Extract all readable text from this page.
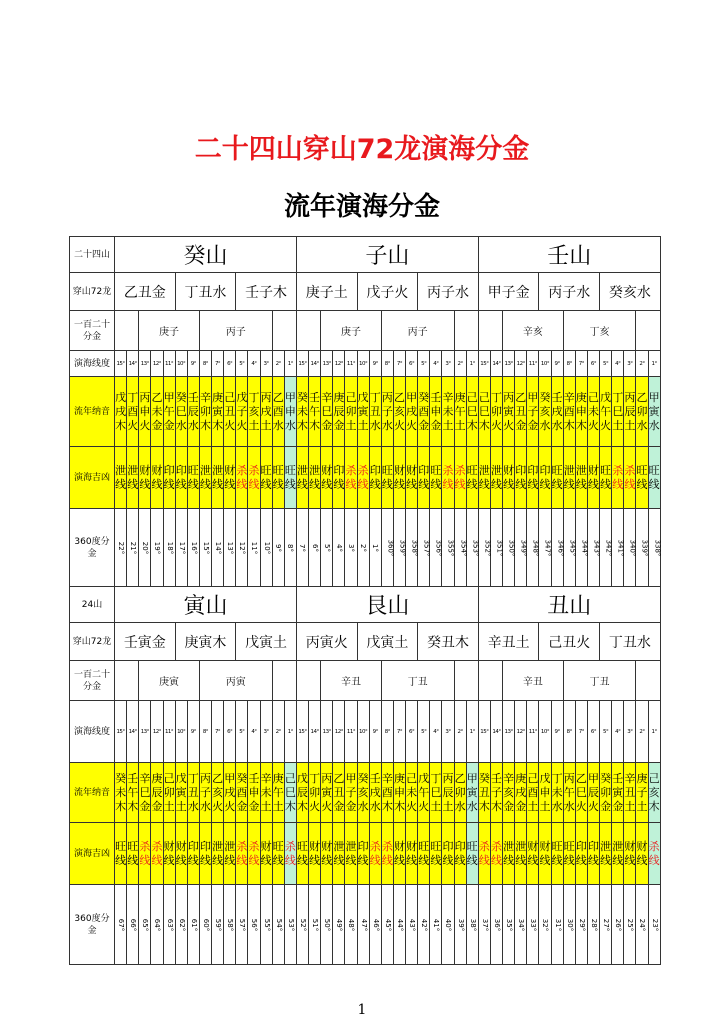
二十四山穿山72龙演海分金
流年演海分金
二十四山	癸山															子山															壬山														
穿山72龙	乙丑金					丁丑水					壬子木					庚子土					戊子火					丙子水					甲子金					丙子水					癸亥水				
一百二十分金			庚子					丙子										庚子					丙子										辛亥					丁亥							
演海线度	15°	14°	13°	12°	11°	10°	9°	8°	7°	6°	5°	4°	3°	2°	1°	15°	14°	13°	12°	11°	10°	9°	8°	7°	6°	5°	4°	3°	2°	1°	15°	14°	13°	12°	11°	10°	9°	8°	7°	6°	5°	4°	3°	2°	1°
流年纳音	戊戌木	丁酉火	丙申火	乙未金	甲午金	癸巳水	壬辰水	辛卯木	庚寅木	己丑火	戊子火	丁亥土	丙戌土	乙酉水	甲申水	癸未木	壬午木	辛巳金	庚辰金	己卯土	戊寅土	丁丑水	丙子水	乙亥火	甲戌火	癸酉金	壬申金	辛未土	庚午土	己巳木	己巳木	丁卯火	丙寅火	乙丑金	甲子金	癸亥水	壬戌水	辛酉木	庚申木	己未火	戊午火	丁巳土	丙辰土	乙卯水	甲寅水
演海吉凶	泄线	泄线	财线	财线	印线	印线	旺线	泄线	泄线	财线	杀线	杀线	旺线	旺线	旺线	泄线	泄线	财线	印线	杀线	杀线	印线	旺线	财线	财线	印线	旺线	杀线	杀线	旺线	泄线	泄线	财线	印线	印线	印线	旺线	泄线	泄线	财线	旺线	杀线	杀线	旺线	旺线
360度分金	22°	21°	20°	19°	18°	17°	16°	15°	14°	13°	12°	11°	10°	9°	8°	7°	6°	5°	4°	3°	2°	1°	360°	359°	358°	357°	356°	355°	354°	353°	352°	351°	350°	349°	348°	347°	346°	345°	344°	343°	342°	341°	340°	339°	338°
24山	寅山															艮山															丑山														
穿山72龙	壬寅金					庚寅木					戊寅土					丙寅火					戊寅土					癸丑木					辛丑土					己丑火					丁丑水				
一百二十分金			庚寅					丙寅										辛丑					丁丑										辛丑					丁丑							
演海线度	15°	14°	13°	12°	11°	10°	9°	8°	7°	6°	5°	4°	3°	2°	1°	15°	14°	13°	12°	11°	10°	9°	8°	7°	6°	5°	4°	3°	2°	1°	15°	14°	13°	12°	11°	10°	9°	8°	7°	6°	5°	4°	3°	2°	1°
流年纳音	癸未木	壬午木	辛巳金	庚辰金	己卯土	戊寅土	丁丑水	丙子水	乙亥火	甲戌火	癸酉金	壬申金	辛未土	庚午土	己巳木	戊辰木	丁卯火	丙寅火	乙丑金	甲子金	癸亥水	壬戌水	辛酉木	庚申木	己未火	戊午火	丁巳土	丙辰土	乙卯水	甲寅水	癸丑木	壬子木	辛亥金	庚戌金	己酉土	戊申土	丁未水	丙午水	乙巳火	甲辰火	癸卯金	壬寅金	辛丑土	庚子土	己亥木
演海吉凶	旺线	旺线	杀线	杀线	财线	财线	印线	印线	泄线	泄线	杀线	杀线	财线	旺线	杀线	旺线	财线	财线	泄线	泄线	印线	杀线	杀线	财线	财线	旺线	旺线	印线	印线	旺线	杀线	杀线	泄线	泄线	财线	财线	旺线	旺线	印线	印线	泄线	泄线	财线	财线	杀线
360度分金	67°	66°	65°	64°	63°	62°	61°	60°	59°	58°	57°	56°	55°	54°	53°	52°	51°	50°	49°	48°	47°	46°	45°	44°	43°	42°	41°	40°	39°	38°	37°	36°	35°	34°	33°	32°	31°	30°	29°	28°	27°	26°	25°	24°	23°

1
